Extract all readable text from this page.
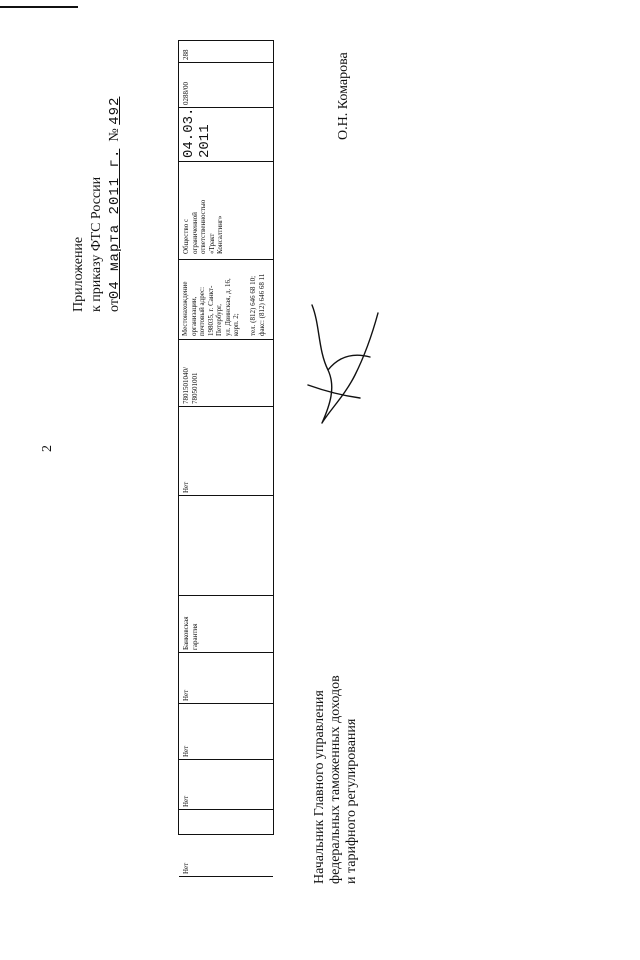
2
Приложение к приказу ФТС России от04 марта 2011 г.  № 492
288
0288/00
04.03.
2011
Общество с
ограниченной
ответственностью
«Тракт
Консалтинг»
Местонахождение
организации,
почтовый адрес:
198035, г. Санкт-
Петербург,
ул. Двинская, д. 16,
корп. 2;

тел. (812) 646 68 10;
факс: (812) 646 68 11
7801501040/
780501001
Нет
Банковская
гарантия
Нет
Нет
Нет
Нет	Начальник Главного управления федеральных таможенных доходов и тарифного регулирования
О.Н. Комарова
